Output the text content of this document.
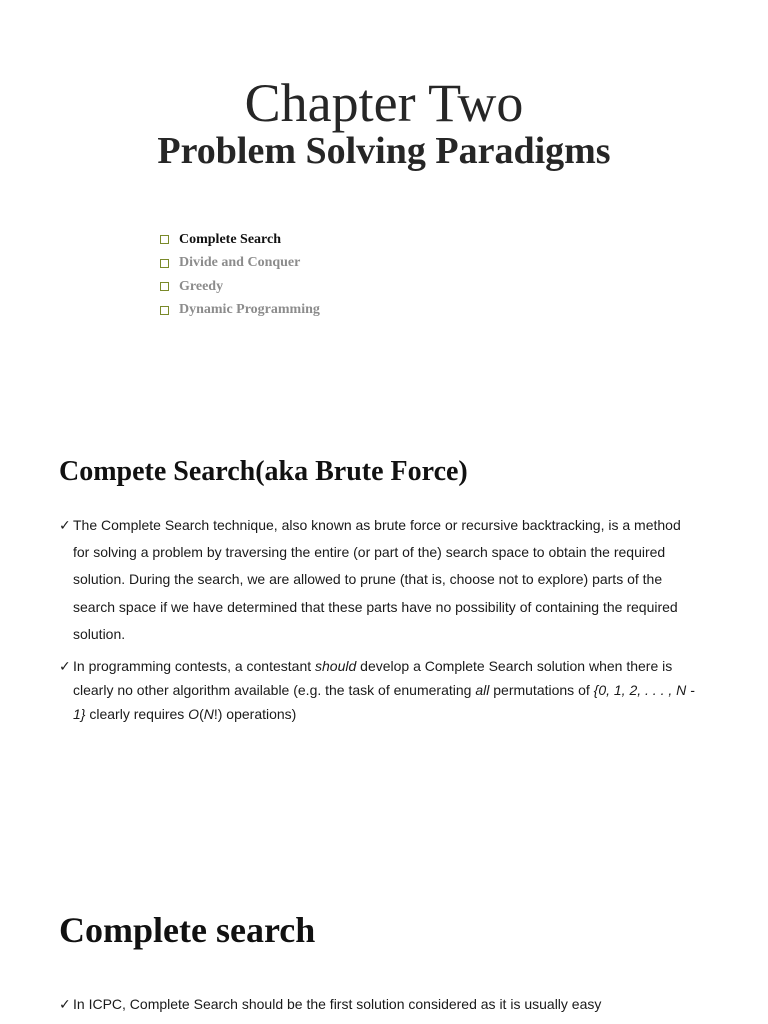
Chapter Two
Problem Solving Paradigms
Complete Search
Divide and Conquer
Greedy
Dynamic Programming
Compete Search(aka Brute Force)
✓ The Complete Search technique, also known as brute force or recursive backtracking, is a method for solving a problem by traversing the entire (or part of the) search space to obtain the required solution. During the search, we are allowed to prune (that is, choose not to explore) parts of the search space if we have determined that these parts have no possibility of containing the required solution.
✓ In programming contests, a contestant should develop a Complete Search solution when there is clearly no other algorithm available (e.g. the task of enumerating all permutations of {0, 1, 2, . . . , N - 1} clearly requires O(N!) operations)
Complete search
✓ In ICPC, Complete Search should be the first solution considered as it is usually easy
